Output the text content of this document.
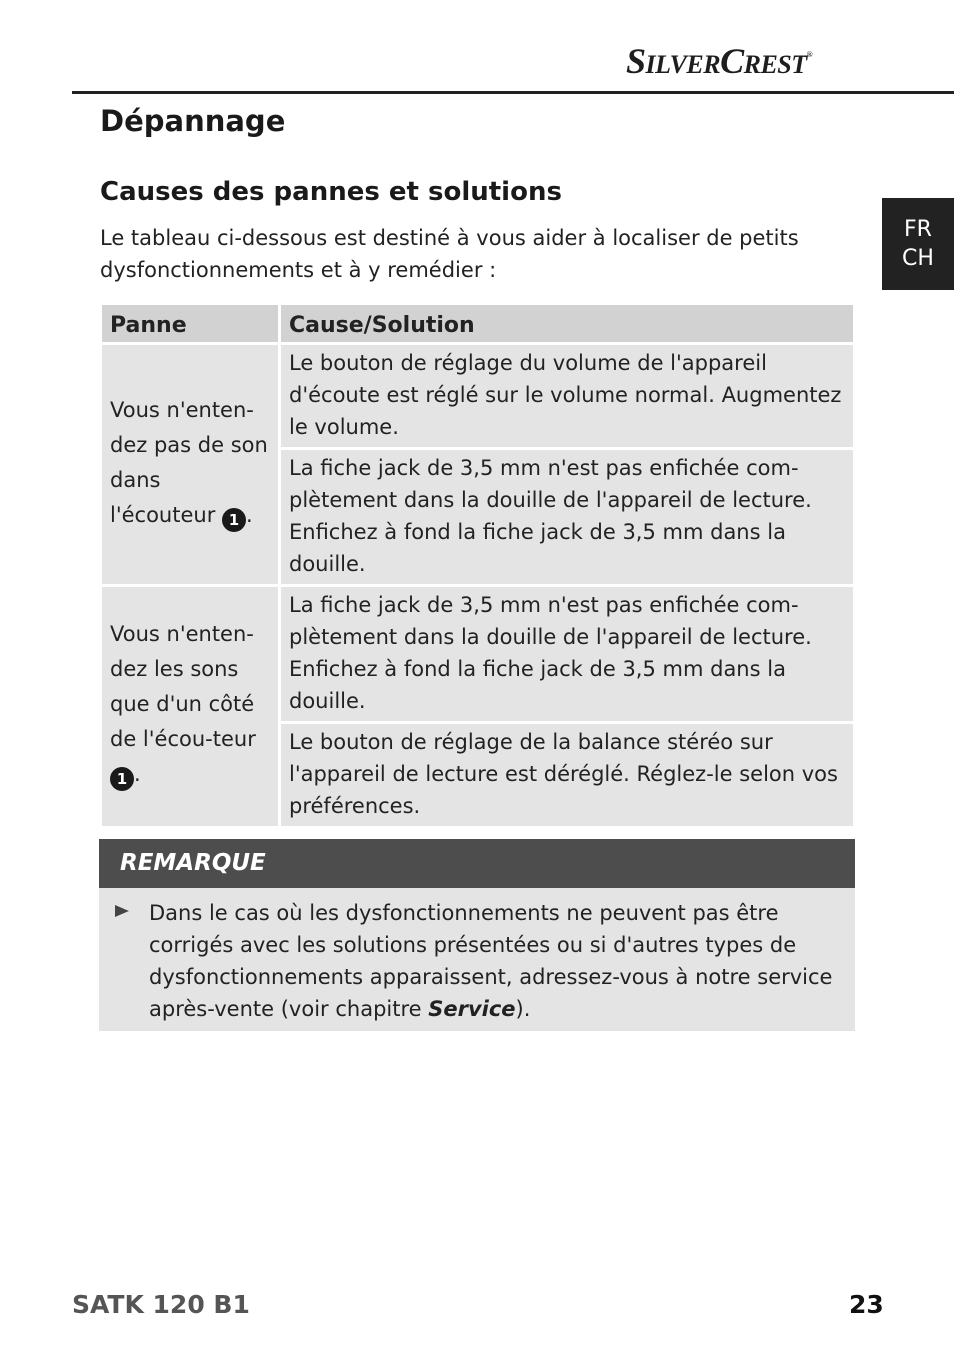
SILVERCREST®
FR
CH
Dépannage
Causes des pannes et solutions

Le tableau ci-dessous est destiné à vous aider à localiser de petits dysfonctionnements et à y remédier :

Panne	Cause/Solution
Vous n'enten-dez pas de son dans l'écouteur 1 .	Le bouton de réglage du volume de l'appareil d'écoute est réglé sur le volume normal. Augmentez le volume.
	La fiche jack de 3,5 mm n'est pas enfichée com-plètement dans la douille de l'appareil de lecture. Enfichez à fond la fiche jack de 3,5 mm dans la douille.
Vous n'enten-dez les sons que d'un côté de l'écou-teur 1 .	La fiche jack de 3,5 mm n'est pas enfichée com-plètement dans la douille de l'appareil de lecture. Enfichez à fond la fiche jack de 3,5 mm dans la douille.
	Le bouton de réglage de la balance stéréo sur l'appareil de lecture est déréglé. Réglez-le selon vos préférences.
REMARQUE

Dans le cas où les dysfonctionnements ne peuvent pas être corrigés avec les solutions présentées ou si d'autres types de dysfonctionnements apparaissent, adressez-vous à notre service après-vente (voir chapitre Service).

SATK 120 B1	23
